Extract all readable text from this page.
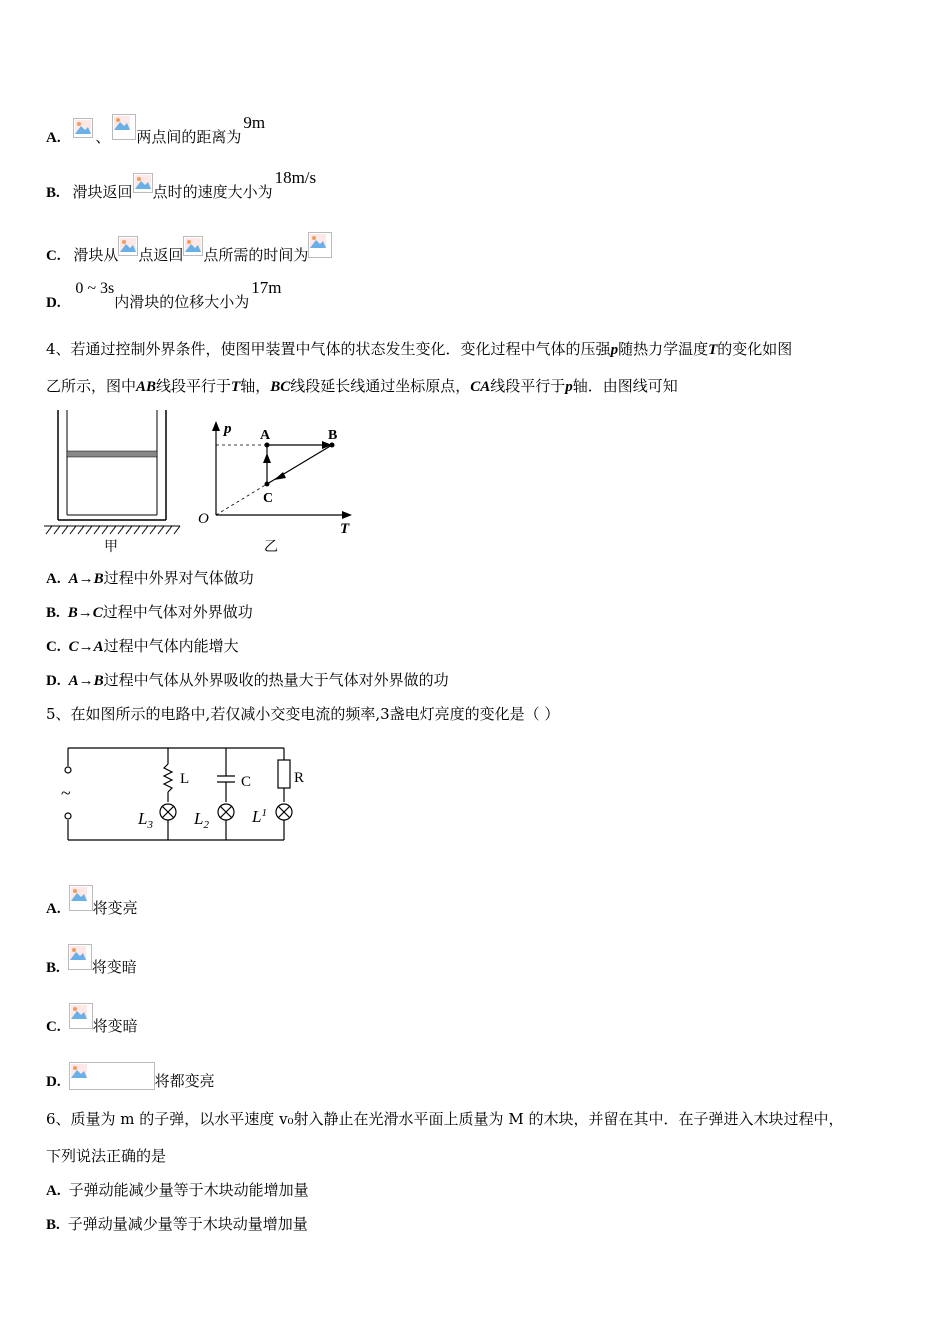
A. 、 两点间的距离为9m
B. 滑块返回 点时的速度大小为18m/s
C. 滑块从 点返回 点所需的时间为
D. 0 ~ 3s内滑块的位移大小为17m
4、若通过控制外界条件，使图甲装置中气体的状态发生变化．变化过程中气体的压强p随热力学温度T的变化如图
乙所示，图中AB线段平行于T轴，BC线段延长线通过坐标原点，CA线段平行于p轴．由图线可知
甲
p
T
O
A	B
C
乙
A. A→B过程中外界对气体做功
B. B→C过程中气体对外界做功
C. C→A过程中气体内能增大
D. A→B过程中气体从外界吸收的热量大于气体对外界做的功
5、在如图所示的电路中,若仅减小交变电流的频率,3盏电灯亮度的变化是（ ）
~
L	C	R
$L_3$ $L_2$	$L^1$
A. 将变亮
B. 将变暗
C. 将变暗
D.	将都变亮
6、质量为 m 的子弹，以水平速度 v₀射入静止在光滑水平面上质量为 M 的木块，并留在其中．在子弹进入木块过程中，
下列说法正确的是
A. 子弹动能减少量等于木块动能增加量
B. 子弹动量减少量等于木块动量增加量
